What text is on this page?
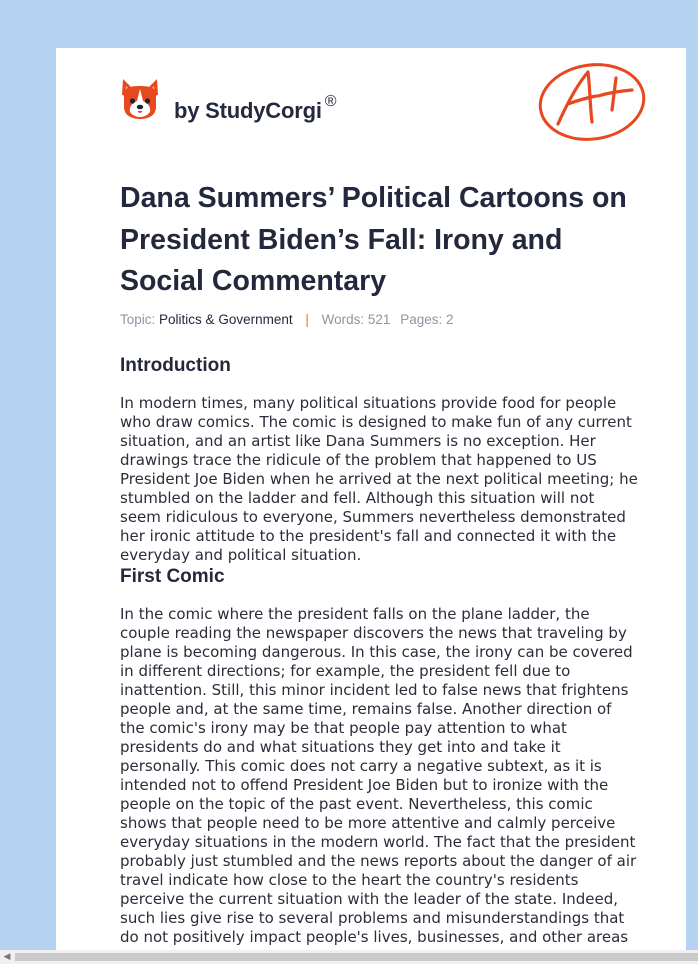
by StudyCorgi ®
Dana Summers’ Political Cartoons on President Biden’s Fall: Irony and Social Commentary
Topic: Politics & Government | Words: 521 Pages: 2
Introduction

In modern times, many political situations provide food for people who draw comics. The comic is designed to make fun of any current situation, and an artist like Dana Summers is no exception. Her drawings trace the ridicule of the problem that happened to US President Joe Biden when he arrived at the next political meeting; he stumbled on the ladder and fell. Although this situation will not seem ridiculous to everyone, Summers nevertheless demonstrated her ironic attitude to the president's fall and connected it with the everyday and political situation.

First Comic

In the comic where the president falls on the plane ladder, the couple reading the newspaper discovers the news that traveling by plane is becoming dangerous. In this case, the irony can be covered in different directions; for example, the president fell due to inattention. Still, this minor incident led to false news that frightens people and, at the same time, remains false. Another direction of the comic's irony may be that people pay attention to what presidents do and what situations they get into and take it personally. This comic does not carry a negative subtext, as it is intended not to offend President Joe Biden but to ironize with the people on the topic of the past event. Nevertheless, this comic shows that people need to be more attentive and calmly perceive everyday situations in the modern world. The fact that the president probably just stumbled and the news reports about the danger of air travel indicate how close to the heart the country's residents perceive the current situation with the leader of the state. Indeed, such lies give rise to several problems and misunderstandings that do not positively impact people's lives, businesses, and other areas

◀
